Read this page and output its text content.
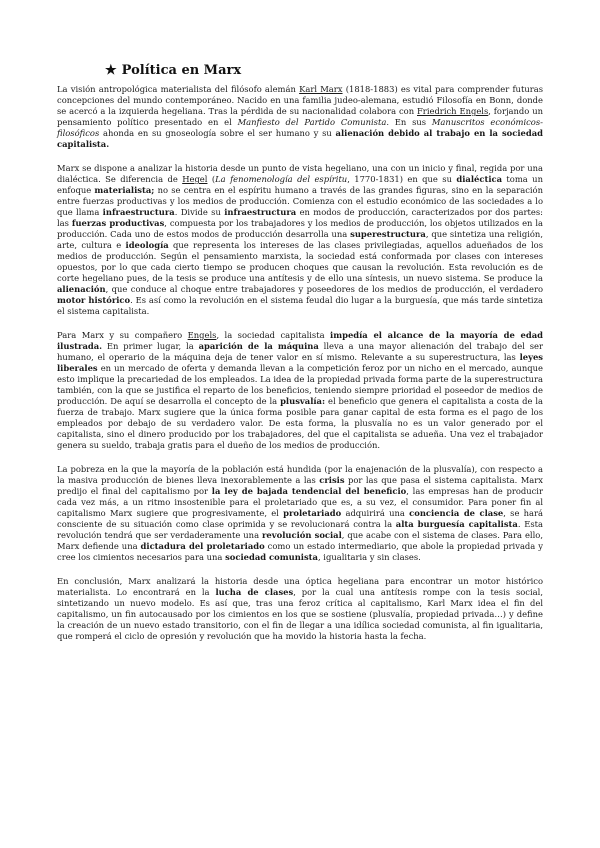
★ Política en Marx

La visión antropológica materialista del filósofo alemán Karl Marx (1818-1883) es vital para comprender futuras concepciones del mundo contemporáneo. Nacido en una familia judeo-alemana, estudió Filosofía en Bonn, donde se acercó a la izquierda hegeliana. Tras la pérdida de su nacionalidad colabora con Friedrich Engels, forjando un pensamiento político presentado en el Manfiesto del Partido Comunista. En sus Manuscritos económicos-filosóficos ahonda en su gnoseología sobre el ser humano y su alienación debido al trabajo en la sociedad capitalista.

Marx se dispone a analizar la historia desde un punto de vista hegeliano, una con un inicio y final, regida por una dialéctica. Se diferencia de Hegel (La fenomenología del espíritu, 1770-1831) en que su dialéctica toma un enfoque materialista; no se centra en el espíritu humano a través de las grandes figuras, sino en la separación entre fuerzas productivas y los medios de producción. Comienza con el estudio económico de las sociedades a lo que llama infraestructura. Divide su infraestructura en modos de producción, caracterizados por dos partes: las fuerzas productivas, compuesta por los trabajadores y los medios de producción, los objetos utilizados en la producción. Cada uno de estos modos de producción desarrolla una superestructura, que sintetiza una religión, arte, cultura e ideología que representa los intereses de las clases privilegiadas, aquellos adueñados de los medios de producción. Según el pensamiento marxista, la sociedad está conformada por clases con intereses opuestos, por lo que cada cierto tiempo se producen choques que causan la revolución. Esta revolución es de corte hegeliano pues, de la tesis se produce una antítesis y de ello una síntesis, un nuevo sistema. Se produce la alienación, que conduce al choque entre trabajadores y poseedores de los medios de producción, el verdadero motor histórico. Es así como la revolución en el sistema feudal dio lugar a la burguesía, que más tarde sintetiza el sistema capitalista.

Para Marx y su compañero Engels, la sociedad capitalista impedía el alcance de la mayoría de edad ilustrada. En primer lugar, la aparición de la máquina lleva a una mayor alienación del trabajo del ser humano, el operario de la máquina deja de tener valor en sí mismo. Relevante a su superestructura, las leyes liberales en un mercado de oferta y demanda llevan a la competición feroz por un nicho en el mercado, aunque esto implique la precariedad de los empleados. La idea de la propiedad privada forma parte de la superestructura también, con la que se justifica el reparto de los beneficios, teniendo siempre prioridad el poseedor de medios de producción. De aquí se desarrolla el concepto de la plusvalía: el beneficio que genera el capitalista a costa de la fuerza de trabajo. Marx sugiere que la única forma posible para ganar capital de esta forma es el pago de los empleados por debajo de su verdadero valor. De esta forma, la plusvalía no es un valor generado por el capitalista, sino el dinero producido por los trabajadores, del que el capitalista se adueña. Una vez el trabajador genera su sueldo, trabaja gratis para el dueño de los medios de producción.

La pobreza en la que la mayoría de la población está hundida (por la enajenación de la plusvalía), con respecto a la masiva producción de bienes lleva inexorablemente a las crisis por las que pasa el sistema capitalista. Marx predijo el final del capitalismo por la ley de bajada tendencial del beneficio, las empresas han de producir cada vez más, a un ritmo insostenible para el proletariado que es, a su vez, el consumidor. Para poner fin al capitalismo Marx sugiere que progresivamente, el proletariado adquirirá una conciencia de clase, se hará consciente de su situación como clase oprimida y se revolucionará contra la alta burguesía capitalista. Esta revolución tendrá que ser verdaderamente una revolución social, que acabe con el sistema de clases. Para ello, Marx defiende una dictadura del proletariado como un estado intermediario, que abole la propiedad privada y cree los cimientos necesarios para una sociedad comunista, igualitaria y sin clases.

En conclusión, Marx analizará la historia desde una óptica hegeliana para encontrar un motor histórico materialista. Lo encontrará en la lucha de clases, por la cual una antítesis rompe con la tesis social, sintetizando un nuevo modelo. Es así que, tras una feroz crítica al capitalismo, Karl Marx idea el fin del capitalismo, un fin autocausado por los cimientos en los que se sostiene (plusvalía, propiedad privada…) y define la creación de un nuevo estado transitorio, con el fin de llegar a una idílica sociedad comunista, al fin igualitaria, que romperá el ciclo de opresión y revolución que ha movido la historia hasta la fecha.
